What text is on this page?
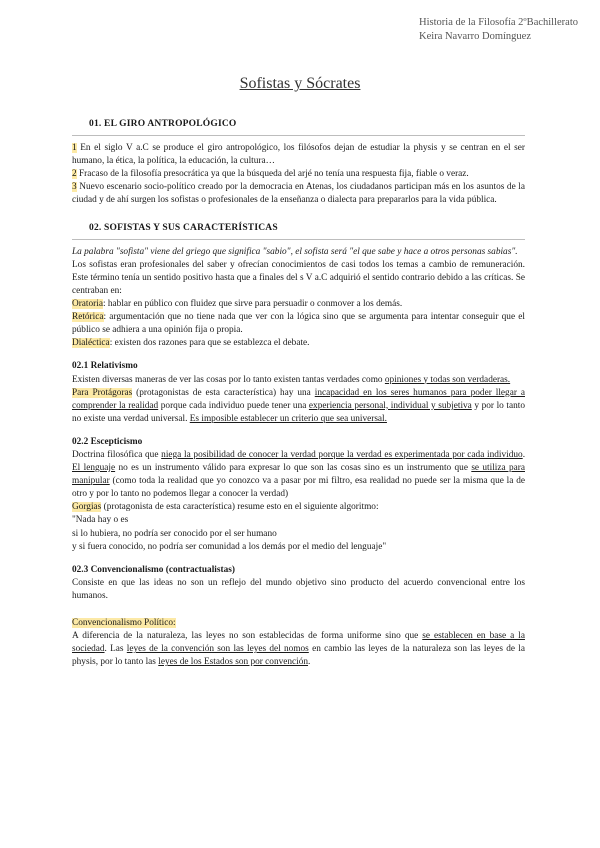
Historia de la Filosofía 2ºBachillerato
Keira Navarro Domínguez
Sofistas y Sócrates
01. EL GIRO ANTROPOLÓGICO

1 En el siglo V a.C se produce el giro antropológico, los filósofos dejan de estudiar la physis y se centran en el ser humano, la ética, la política, la educación, la cultura…

2 Fracaso de la filosofía presocrática ya que la búsqueda del arjé no tenía una respuesta fija, fiable o veraz.

3 Nuevo escenario socio-político creado por la democracia en Atenas, los ciudadanos participan más en los asuntos de la ciudad y de ahí surgen los sofistas o profesionales de la enseñanza o dialecta para prepararlos para la vida pública.

02. SOFISTAS Y SUS CARACTERÍSTICAS

La palabra "sofista" viene del griego que significa "sabio", el sofista será "el que sabe y hace a otros personas sabias".

Los sofistas eran profesionales del saber y ofrecían conocimientos de casi todos los temas a cambio de remuneración. Este término tenía un sentido positivo hasta que a finales del s V a.C adquirió el sentido contrario debido a las críticas. Se centraban en:

Oratoria: hablar en público con fluidez que sirve para persuadir o conmover a los demás.

Retórica: argumentación que no tiene nada que ver con la lógica sino que se argumenta para intentar conseguir que el público se adhiera a una opinión fija o propia.

Dialéctica: existen dos razones para que se establezca el debate.

02.1 Relativismo

Existen diversas maneras de ver las cosas por lo tanto existen tantas verdades como opiniones y todas son verdaderas.

Para Protágoras (protagonistas de esta característica) hay una incapacidad en los seres humanos para poder llegar a comprender la realidad porque cada individuo puede tener una experiencia personal, individual y subjetiva y por lo tanto no existe una verdad universal. Es imposible establecer un criterio que sea universal.

02.2 Escepticismo

Doctrina filosófica que niega la posibilidad de conocer la verdad porque la verdad es experimentada por cada individuo. El lenguaje no es un instrumento válido para expresar lo que son las cosas sino es un instrumento que se utiliza para manipular (como toda la realidad que yo conozco va a pasar por mi filtro, esa realidad no puede ser la misma que la de otro y por lo tanto no podemos llegar a conocer la verdad)

Gorgias (protagonista de esta característica) resume esto en el siguiente algoritmo:

"Nada hay o es

si lo hubiera, no podría ser conocido por el ser humano

y si fuera conocido, no podría ser comunidad a los demás por el medio del lenguaje"

02.3 Convencionalismo (contractualistas)

Consiste en que las ideas no son un reflejo del mundo objetivo sino producto del acuerdo convencional entre los humanos.

Convencionalismo Político:

A diferencia de la naturaleza, las leyes no son establecidas de forma uniforme sino que se establecen en base a la sociedad. Las leyes de la convención son las leyes del nomos en cambio las leyes de la naturaleza son las leyes de la physis, por lo tanto las leyes de los Estados son por convención.
